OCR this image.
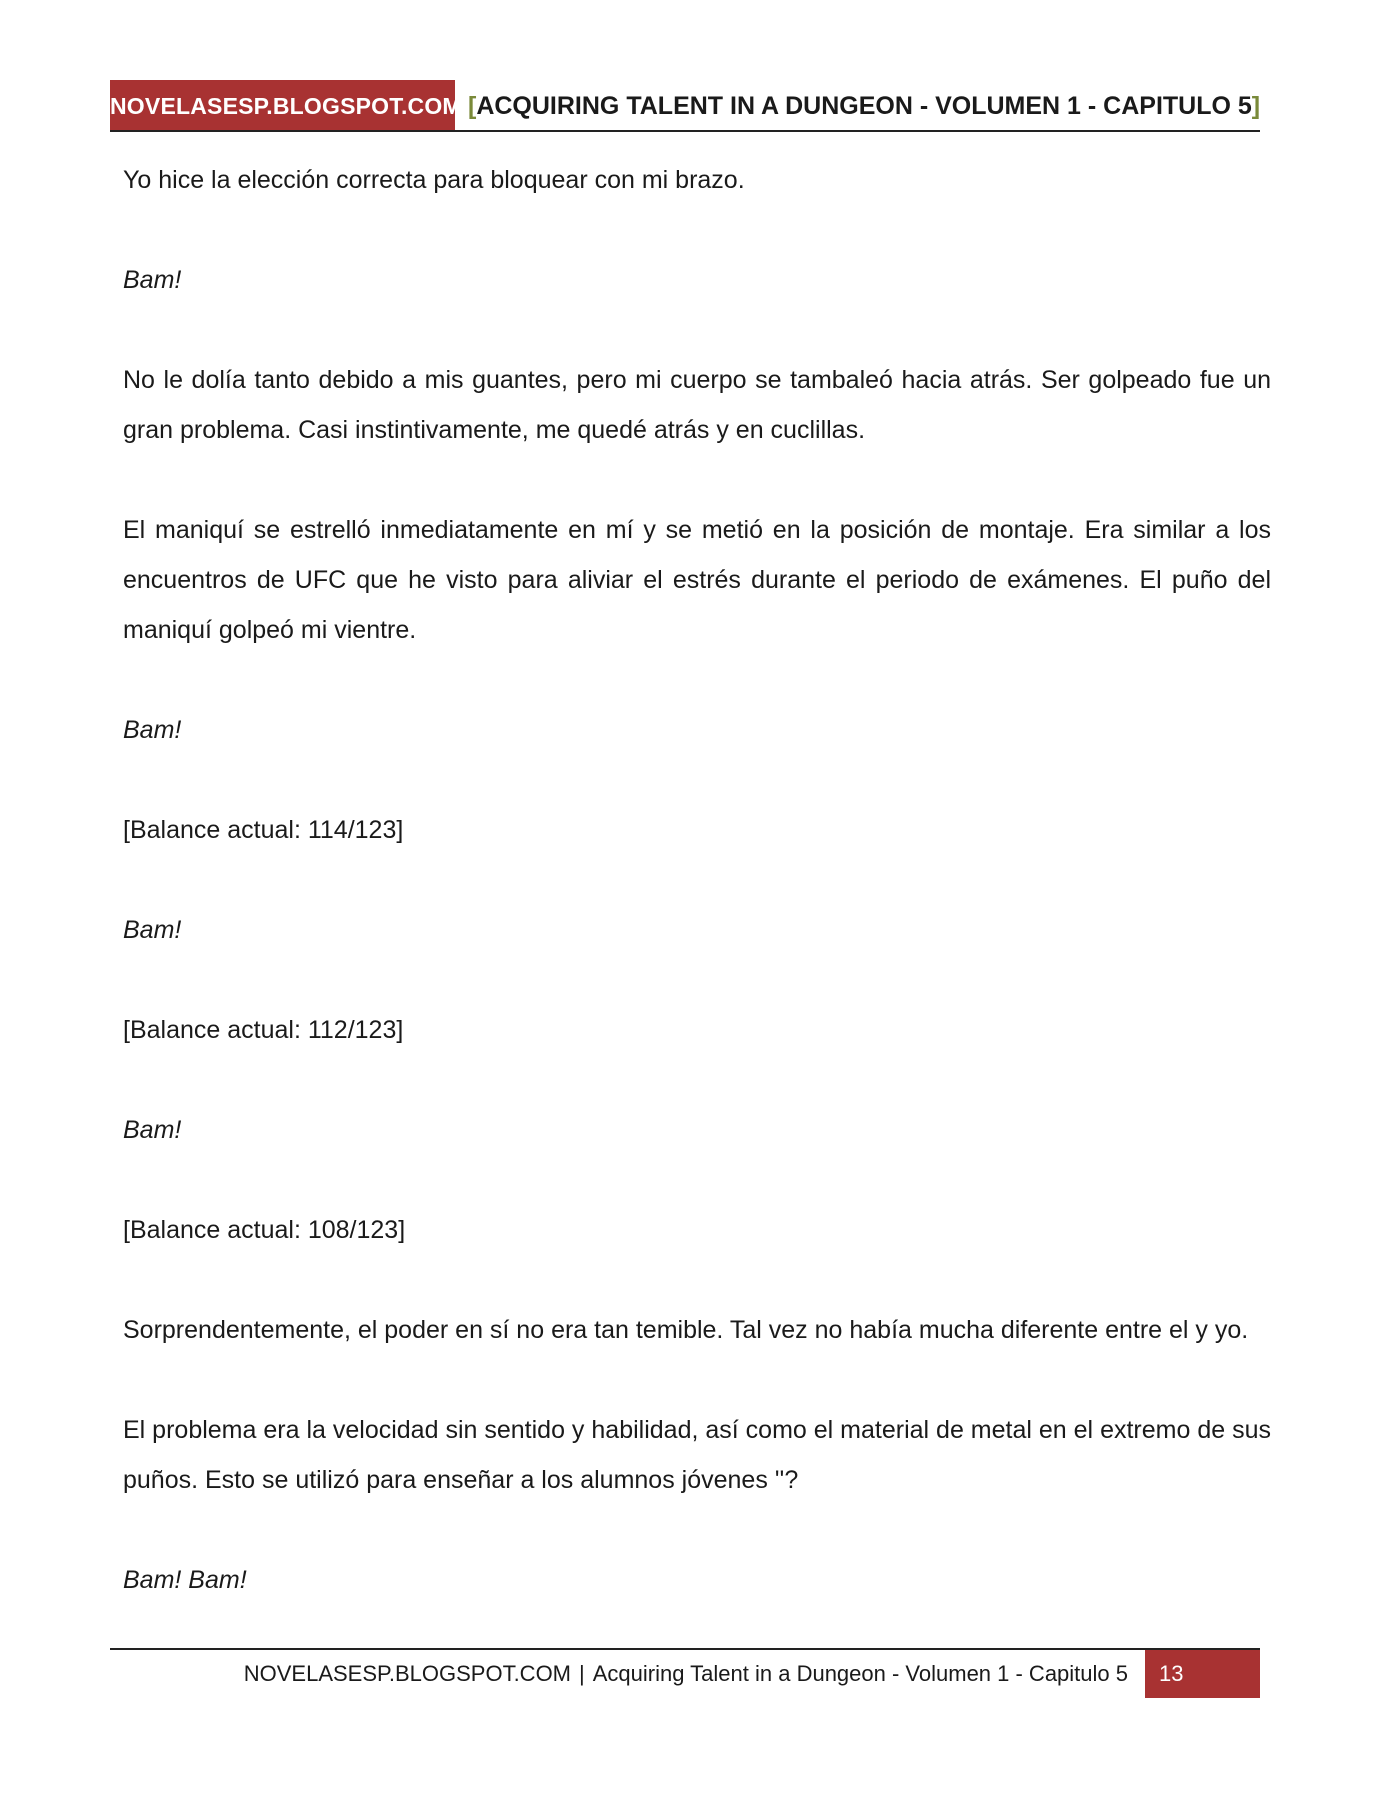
NOVELASESP.BLOGSPOT.COM [ACQUIRING TALENT IN A DUNGEON - VOLUMEN 1 - CAPITULO 5]

Yo hice la elección correcta para bloquear con mi brazo.

Bam!

No le dolía tanto debido a mis guantes, pero mi cuerpo se tambaleó hacia atrás. Ser golpeado fue un gran problema. Casi instintivamente, me quedé atrás y en cuclillas.

El maniquí se estrelló inmediatamente en mí y se metió en la posición de montaje. Era similar a los encuentros de UFC que he visto para aliviar el estrés durante el periodo de exámenes. El puño del maniquí golpeó mi vientre.

Bam!

[Balance actual: 114/123]

Bam!

[Balance actual: 112/123]

Bam!

[Balance actual: 108/123]

Sorprendentemente, el poder en sí no era tan temible. Tal vez no había mucha diferente entre el y yo.

El problema era la velocidad sin sentido y habilidad, así como el material de metal en el extremo de sus puños. Esto se utilizó para enseñar a los alumnos jóvenes ''?

Bam! Bam!

NOVELASESP.BLOGSPOT.COM | Acquiring Talent in a Dungeon - Volumen 1 - Capitulo 5	13
